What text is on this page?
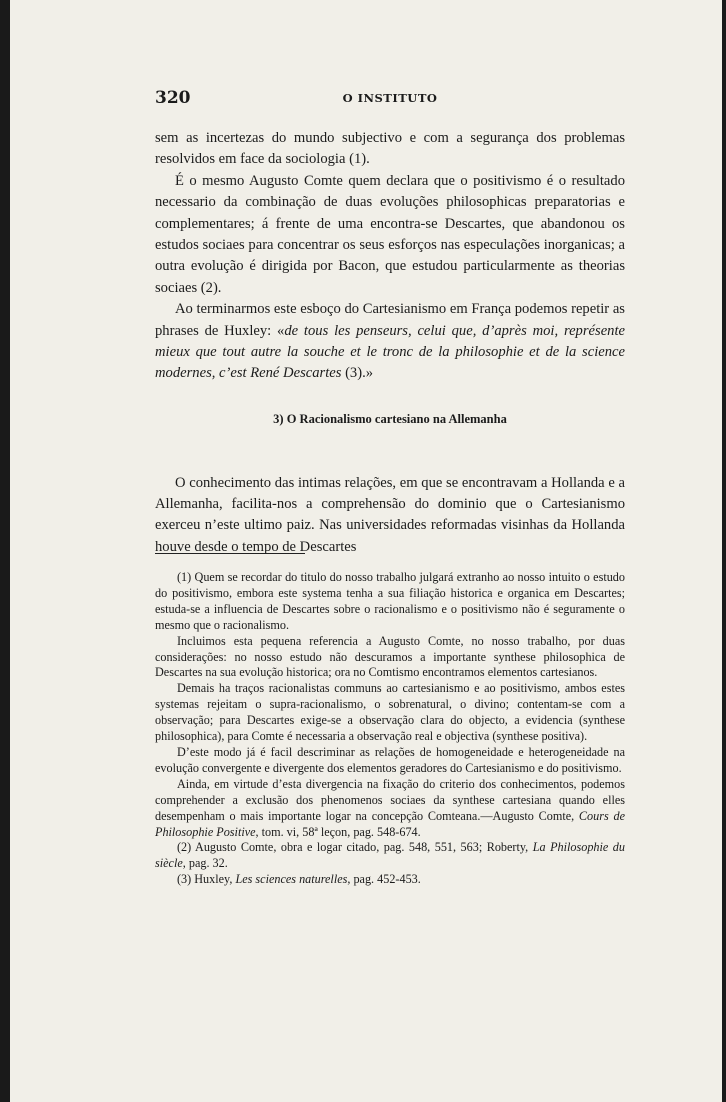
320	O INSTITUTO

sem as incertezas do mundo subjectivo e com a segurança dos problemas resolvidos em face da sociologia (1).

É o mesmo Augusto Comte quem declara que o positivismo é o resultado necessario da combinação de duas evoluções philosophicas preparatorias e complementares; á frente de uma encontra-se Descartes, que abandonou os estudos sociaes para concentrar os seus esforços nas especulações inorganicas; a outra evolução é dirigida por Bacon, que estudou particularmente as theorias sociaes (2).

Ao terminarmos este esboço do Cartesianismo em França podemos repetir as phrases de Huxley: «de tous les penseurs, celui que, d’après moi, représente mieux que tout autre la souche et le tronc de la philosophie et de la science modernes, c’est René Descartes (3).»

3) O Racionalismo cartesiano na Allemanha

O conhecimento das intimas relações, em que se encontravam a Hollanda e a Allemanha, facilita-nos a comprehensão do dominio que o Cartesianismo exerceu n’este ultimo paiz. Nas universidades reformadas visinhas da Hollanda houve desde o tempo de Descartes

(1) Quem se recordar do titulo do nosso trabalho julgará extranho ao nosso intuito o estudo do positivismo, embora este systema tenha a sua filiação historica e organica em Descartes; estuda-se a influencia de Descartes sobre o racionalismo e o positivismo não é seguramente o mesmo que o racionalismo.

Incluimos esta pequena referencia a Augusto Comte, no nosso trabalho, por duas considerações: no nosso estudo não descuramos a importante synthese philosophica de Descartes na sua evolução historica; ora no Comtismo encontramos elementos cartesianos.

Demais ha traços racionalistas communs ao cartesianismo e ao positivismo, ambos estes systemas rejeitam o supra-racionalismo, o sobrenatural, o divino; contentam-se com a observação; para Descartes exige-se a observação clara do objecto, a evidencia (synthese philosophica), para Comte é necessaria a observação real e objectiva (synthese positiva).

D’este modo já é facil descriminar as relações de homogeneidade e heterogeneidade na evolução convergente e divergente dos elementos geradores do Cartesianismo e do positivismo.

Ainda, em virtude d’esta divergencia na fixação do criterio dos conhecimentos, podemos comprehender a exclusão dos phenomenos sociaes da synthese cartesiana quando elles desempenham o mais importante logar na concepção Comteana.—Augusto Comte, Cours de Philosophie Positive, tom. vi, 58ª leçon, pag. 548-674.

(2) Augusto Comte, obra e logar citado, pag. 548, 551, 563; Roberty, La Philosophie du siècle, pag. 32.

(3) Huxley, Les sciences naturelles, pag. 452-453.
